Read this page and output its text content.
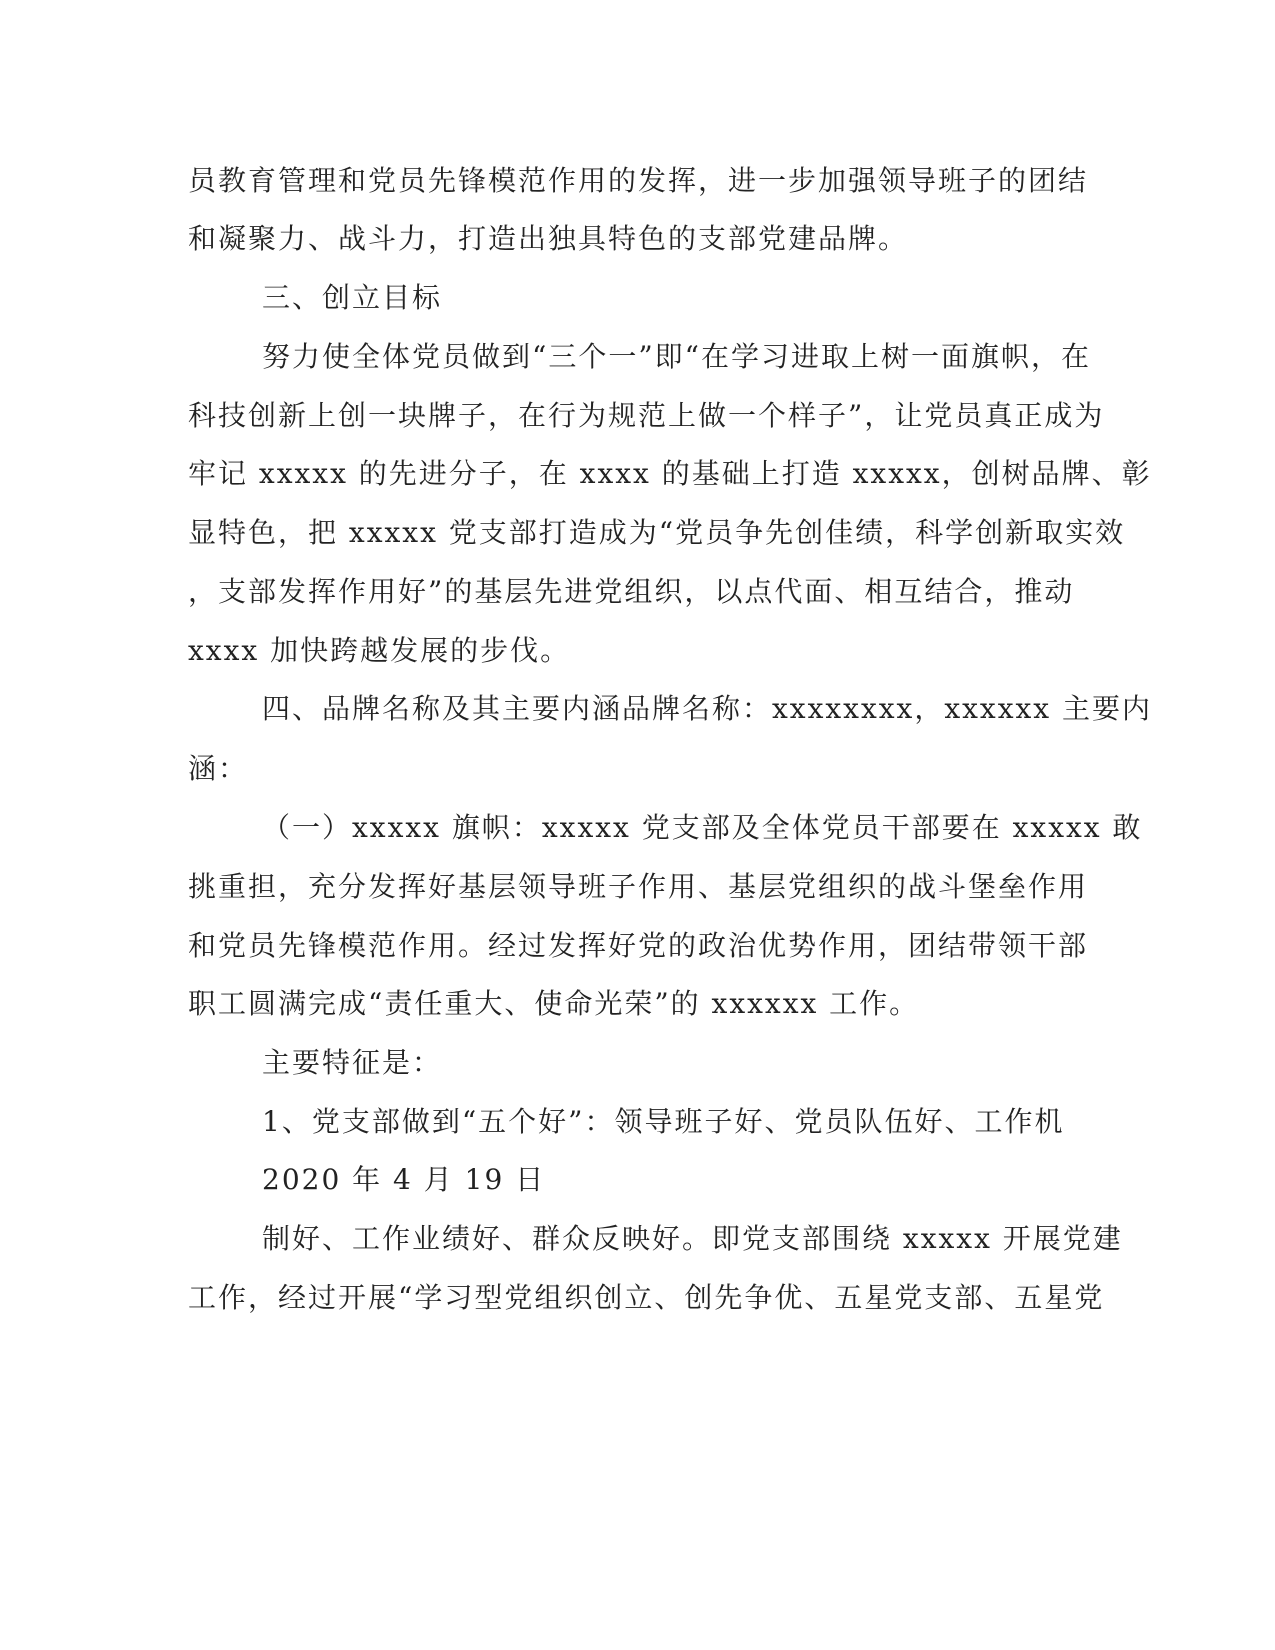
员教育管理和党员先锋模范作用的发挥，进一步加强领导班子的团结
和凝聚力、战斗力，打造出独具特色的支部党建品牌。
三、创立目标
努力使全体党员做到“三个一”即“在学习进取上树一面旗帜，在
科技创新上创一块牌子，在行为规范上做一个样子”，让党员真正成为
牢记 xxxxx 的先进分子，在 xxxx 的基础上打造 xxxxx，创树品牌、彰
显特色，把 xxxxx 党支部打造成为“党员争先创佳绩，科学创新取实效
，支部发挥作用好”的基层先进党组织，以点代面、相互结合，推动
xxxx 加快跨越发展的步伐。
四、品牌名称及其主要内涵品牌名称：xxxxxxxx，xxxxxx 主要内
涵：
（一）xxxxx 旗帜：xxxxx 党支部及全体党员干部要在 xxxxx 敢
挑重担，充分发挥好基层领导班子作用、基层党组织的战斗堡垒作用
和党员先锋模范作用。经过发挥好党的政治优势作用，团结带领干部
职工圆满完成“责任重大、使命光荣”的 xxxxxx 工作。
主要特征是：
1、党支部做到“五个好”：领导班子好、党员队伍好、工作机
2020 年 4 月 19 日
制好、工作业绩好、群众反映好。即党支部围绕 xxxxx 开展党建
工作，经过开展“学习型党组织创立、创先争优、五星党支部、五星党
